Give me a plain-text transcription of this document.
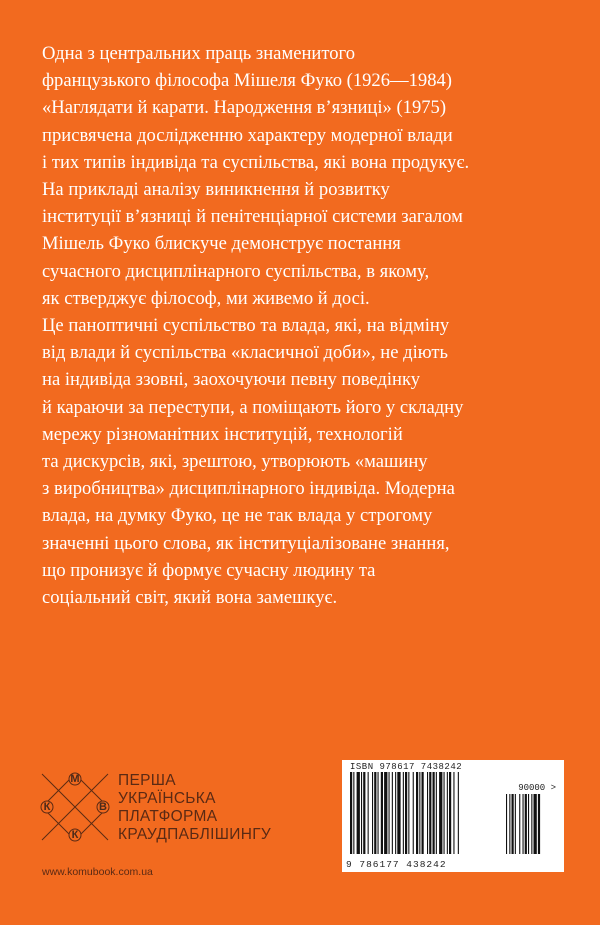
Одна з центральних праць знаменитого

французького філософа Мішеля Фуко (1926—1984)

«Наглядати й карати. Народження в’язниці» (1975)

присвячена дослідженню характеру модерної влади

і тих типів індивіда та суспільства, які вона продукує.

На прикладі аналізу виникнення й розвитку

інституції в’язниці й пенітенціарної системи загалом

Мішель Фуко блискуче демонструє постання

сучасного дисциплінарного суспільства, в якому,

як стверджує філософ, ми живемо й досі.

Це паноптичні суспільство та влада, які, на відміну

від влади й суспільства «класичної доби», не діють

на індивіда ззовні, заохочуючи певну поведінку

й караючи за переступи, а поміщають його у складну

мережу різноманітних інституцій, технологій

та дискурсів, які, зрештою, утворюють «машину

з виробництва» дисциплінарного індивіда. Модерна

влада, на думку Фуко, це не так влада у строгому

значенні цього слова, як інституціалізоване знання,

що пронизує й формує сучасну людину та

соціальний світ, який вона замешкує.

М
К	В
К
ПЕРША
УКРАЇНСЬКА
ПЛАТФОРМА
КРАУДПАБЛІШИНГУ
www.komubook.com.ua
ISBN 978617 7438242
90000 >
9 786177 438242
